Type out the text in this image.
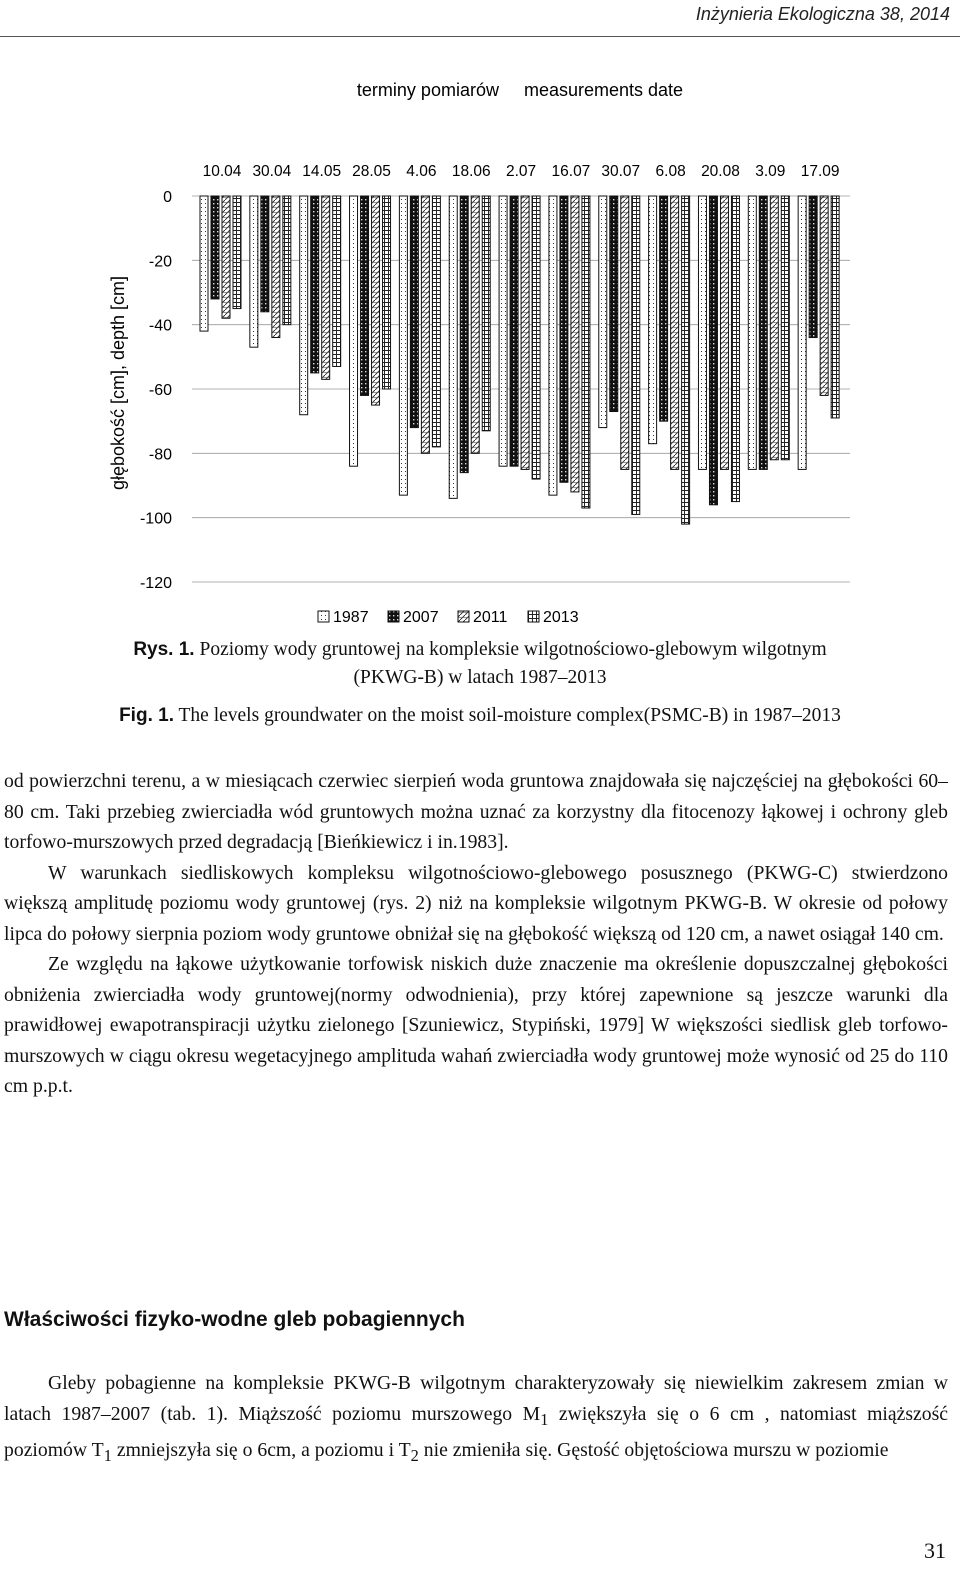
Inżynieria Ekologiczna 38, 2014
terminy pomiarów     measurements date
głębokość [cm], depth [cm]
0
-20
-40
-60
-80
-100
-120
10.04 30.04 14.05 28.05 4.06 18.06 2.07 16.07 30.07 6.08 20.08 3.09 17.09
1987 2007 2011 2013
Rys. 1. Poziomy wody gruntowej na kompleksie wilgotnościowo-glebowym wilgotnym
(PKWG-B) w latach 1987–2013
Fig. 1. The levels groundwater on the moist soil-moisture complex(PSMC-B) in 1987–2013

od powierzchni terenu, a w miesiącach czerwiec sierpień woda gruntowa znajdowała się najczęściej na głębokości 60–80 cm. Taki przebieg zwierciadła wód gruntowych można uznać za korzystny dla fitocenozy łąkowej i ochrony gleb torfowo-murszowych przed degradacją [Bieńkiewicz i in.1983].

W warunkach siedliskowych kompleksu wilgotnościowo-glebowego posusznego (PKWG-C) stwierdzono większą amplitudę poziomu wody gruntowej (rys. 2) niż na kompleksie wilgotnym PKWG-B. W okresie od połowy lipca do połowy sierpnia poziom wody gruntowe obniżał się na głębokość większą od 120 cm, a nawet osiągał 140 cm.

Ze względu na łąkowe użytkowanie torfowisk niskich duże znaczenie ma określenie dopuszczalnej głębokości obniżenia zwierciadła wody gruntowej(normy odwodnienia), przy której zapewnione są jeszcze warunki dla prawidłowej ewapotranspiracji użytku zielonego [Szuniewicz, Stypiński, 1979] W większości siedlisk gleb torfowo-murszowych w ciągu okresu wegetacyjnego amplituda wahań zwierciadła wody gruntowej może wynosić od 25 do 110 cm p.p.t.

Właściwości fizyko-wodne gleb pobagiennych

Gleby pobagienne na kompleksie PKWG-B wilgotnym charakteryzowały się niewielkim zakresem zmian w latach 1987–2007 (tab. 1). Miąższość poziomu murszowego $M_1$ zwiększyła się o 6 cm , natomiast miąższość poziomów $T_1$ zmniejszyła się o 6cm, a poziomu i $T_2$ nie zmieniła się. Gęstość objętościowa murszu w poziomie

31
